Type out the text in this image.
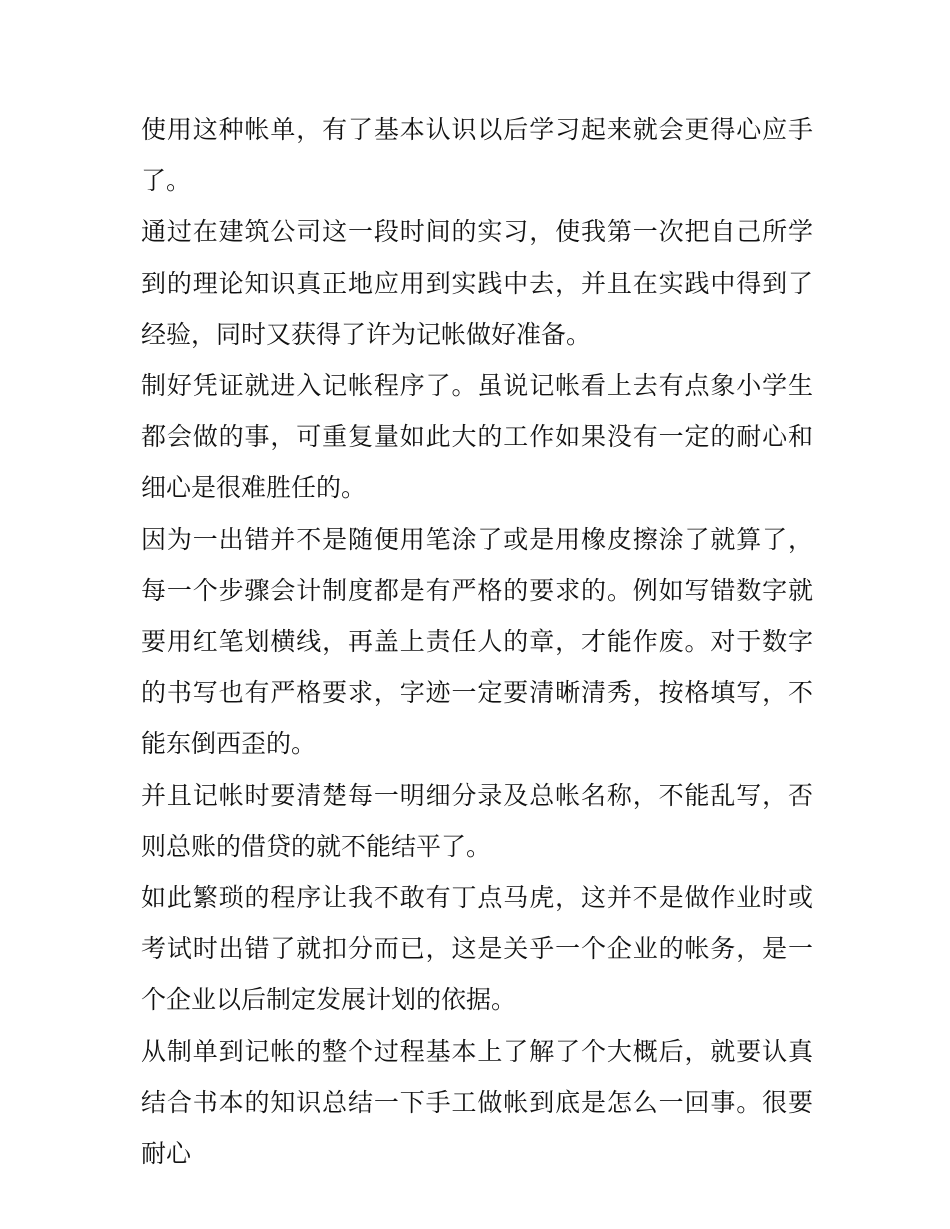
使用这种帐单，有了基本认识以后学习起来就会更得心应手了。

通过在建筑公司这一段时间的实习，使我第一次把自己所学到的理论知识真正地应用到实践中去，并且在实践中得到了经验，同时又获得了许为记帐做好准备。

制好凭证就进入记帐程序了。虽说记帐看上去有点象小学生都会做的事，可重复量如此大的工作如果没有一定的耐心和细心是很难胜任的。

因为一出错并不是随便用笔涂了或是用橡皮擦涂了就算了，每一个步骤会计制度都是有严格的要求的。例如写错数字就要用红笔划横线，再盖上责任人的章，才能作废。对于数字的书写也有严格要求，字迹一定要清晰清秀，按格填写，不能东倒西歪的。

并且记帐时要清楚每一明细分录及总帐名称，不能乱写，否则总账的借贷的就不能结平了。

如此繁琐的程序让我不敢有丁点马虎，这并不是做作业时或考试时出错了就扣分而已，这是关乎一个企业的帐务，是一个企业以后制定发展计划的依据。

从制单到记帐的整个过程基本上了解了个大概后，就要认真结合书本的知识总结一下手工做帐到底是怎么一回事。很要耐心
